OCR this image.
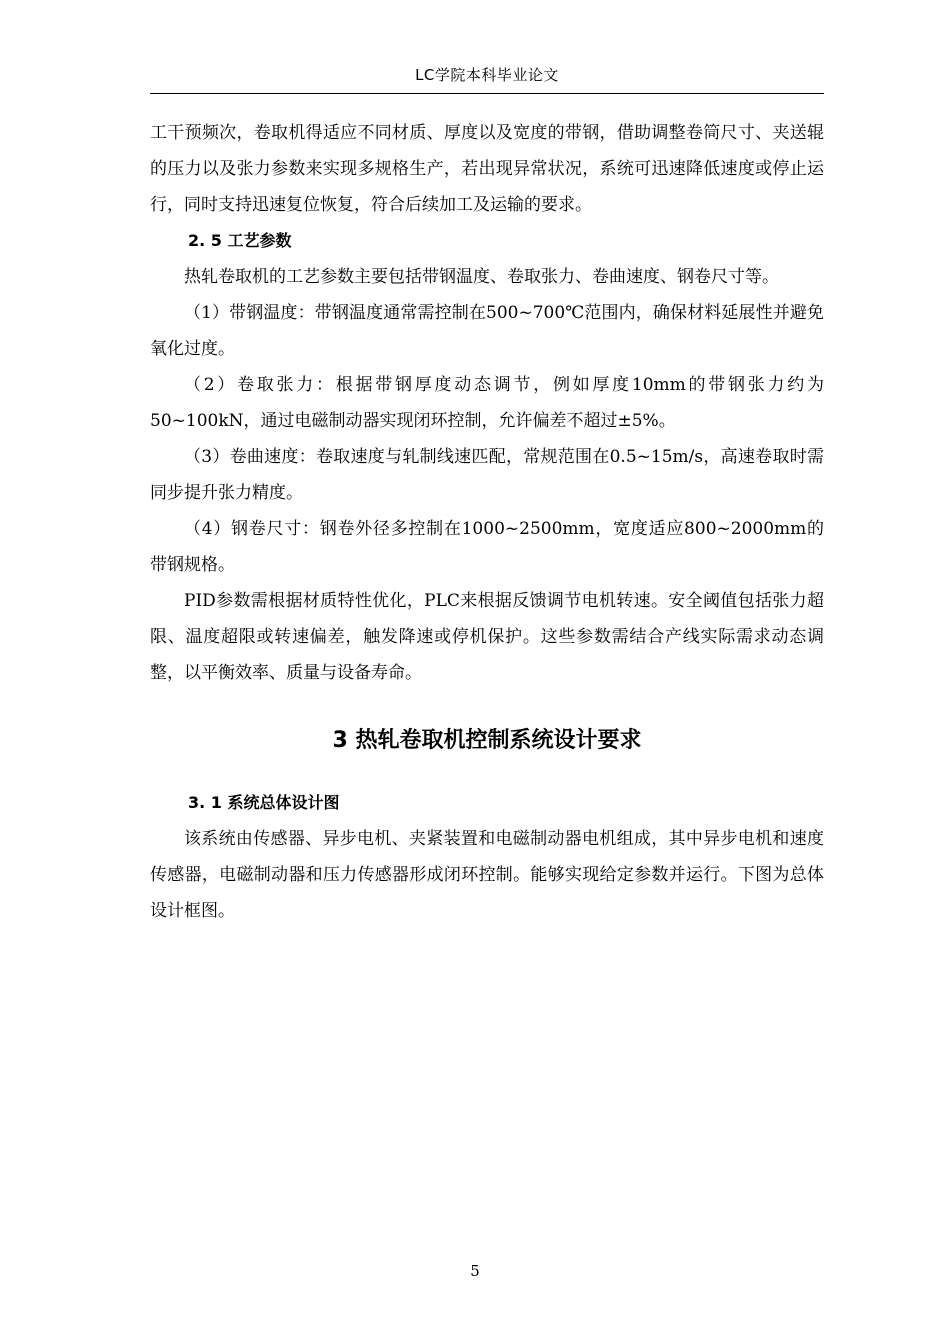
LC学院本科毕业论文

工干预频次，卷取机得适应不同材质、厚度以及宽度的带钢，借助调整卷筒尺寸、夹送辊的压力以及张力参数来实现多规格生产，若出现异常状况，系统可迅速降低速度或停止运行，同时支持迅速复位恢复，符合后续加工及运输的要求。

2. 5 工艺参数

热轧卷取机的工艺参数主要包括带钢温度、卷取张力、卷曲速度、钢卷尺寸等。

（1）带钢温度：带钢温度通常需控制在500~700℃范围内，确保材料延展性并避免氧化过度。

（2）卷取张力：根据带钢厚度动态调节，例如厚度10mm的带钢张力约为50~100kN，通过电磁制动器实现闭环控制，允许偏差不超过±5%。

（3）卷曲速度：卷取速度与轧制线速匹配，常规范围在0.5~15m/s，高速卷取时需同步提升张力精度。

（4）钢卷尺寸：钢卷外径多控制在1000~2500mm，宽度适应800~2000mm的带钢规格。

PID参数需根据材质特性优化，PLC来根据反馈调节电机转速。安全阈值包括张力超限、温度超限或转速偏差，触发降速或停机保护。这些参数需结合产线实际需求动态调整，以平衡效率、质量与设备寿命。

3 热轧卷取机控制系统设计要求

3. 1 系统总体设计图

该系统由传感器、异步电机、夹紧装置和电磁制动器电机组成，其中异步电机和速度传感器，电磁制动器和压力传感器形成闭环控制。能够实现给定参数并运行。下图为总体设计框图。

5
